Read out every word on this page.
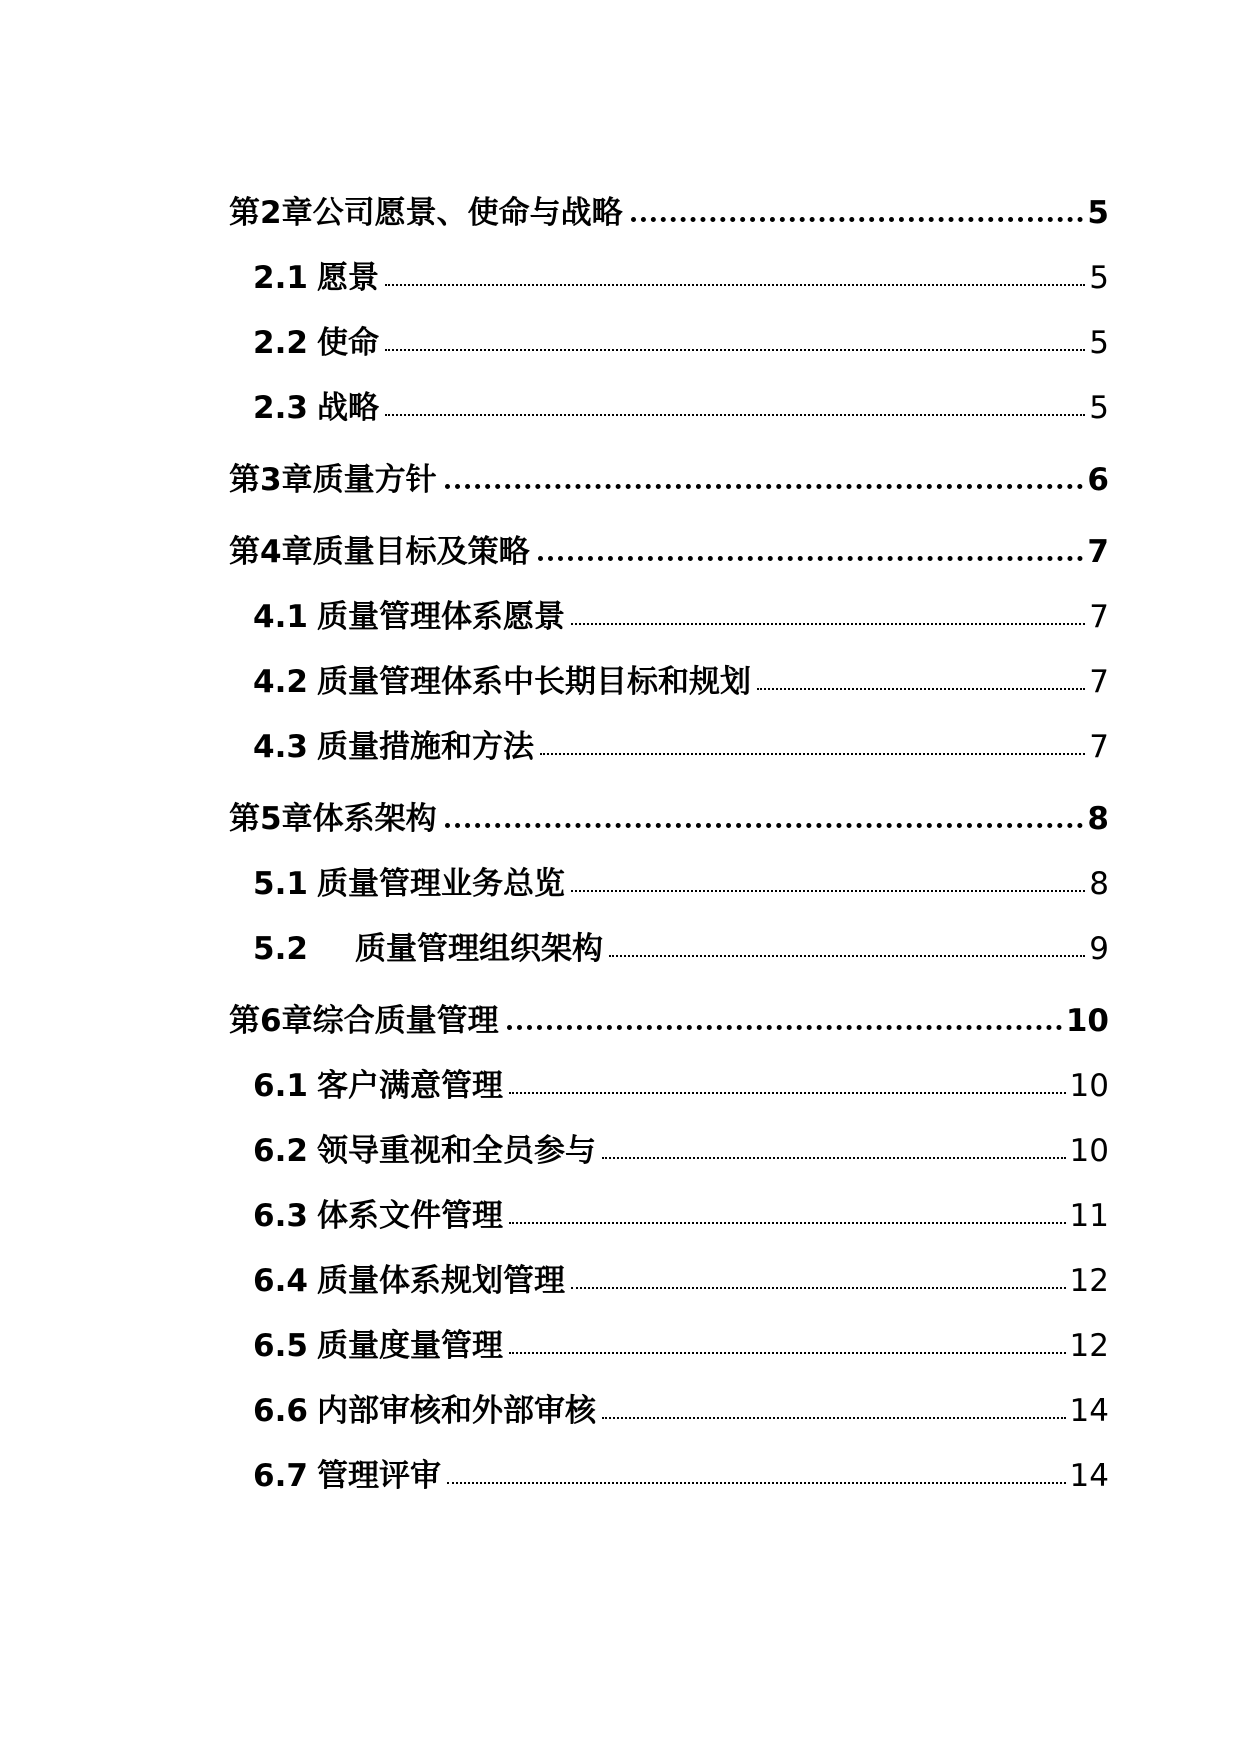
第2章公司愿景、使命与战略	5
2.1 愿景	5
2.2 使命	5
2.3 战略	5
第3章质量方针	6
第4章质量目标及策略	7
4.1 质量管理体系愿景	7
4.2 质量管理体系中长期目标和规划	7
4.3 质量措施和方法	7
第5章体系架构	8
5.1 质量管理业务总览	8
5.2	质量管理组织架构	9
第6章综合质量管理	10
6.1 客户满意管理	10
6.2 领导重视和全员参与	10
6.3 体系文件管理	11
6.4 质量体系规划管理	12
6.5 质量度量管理	12
6.6 内部审核和外部审核	14
6.7 管理评审	14
